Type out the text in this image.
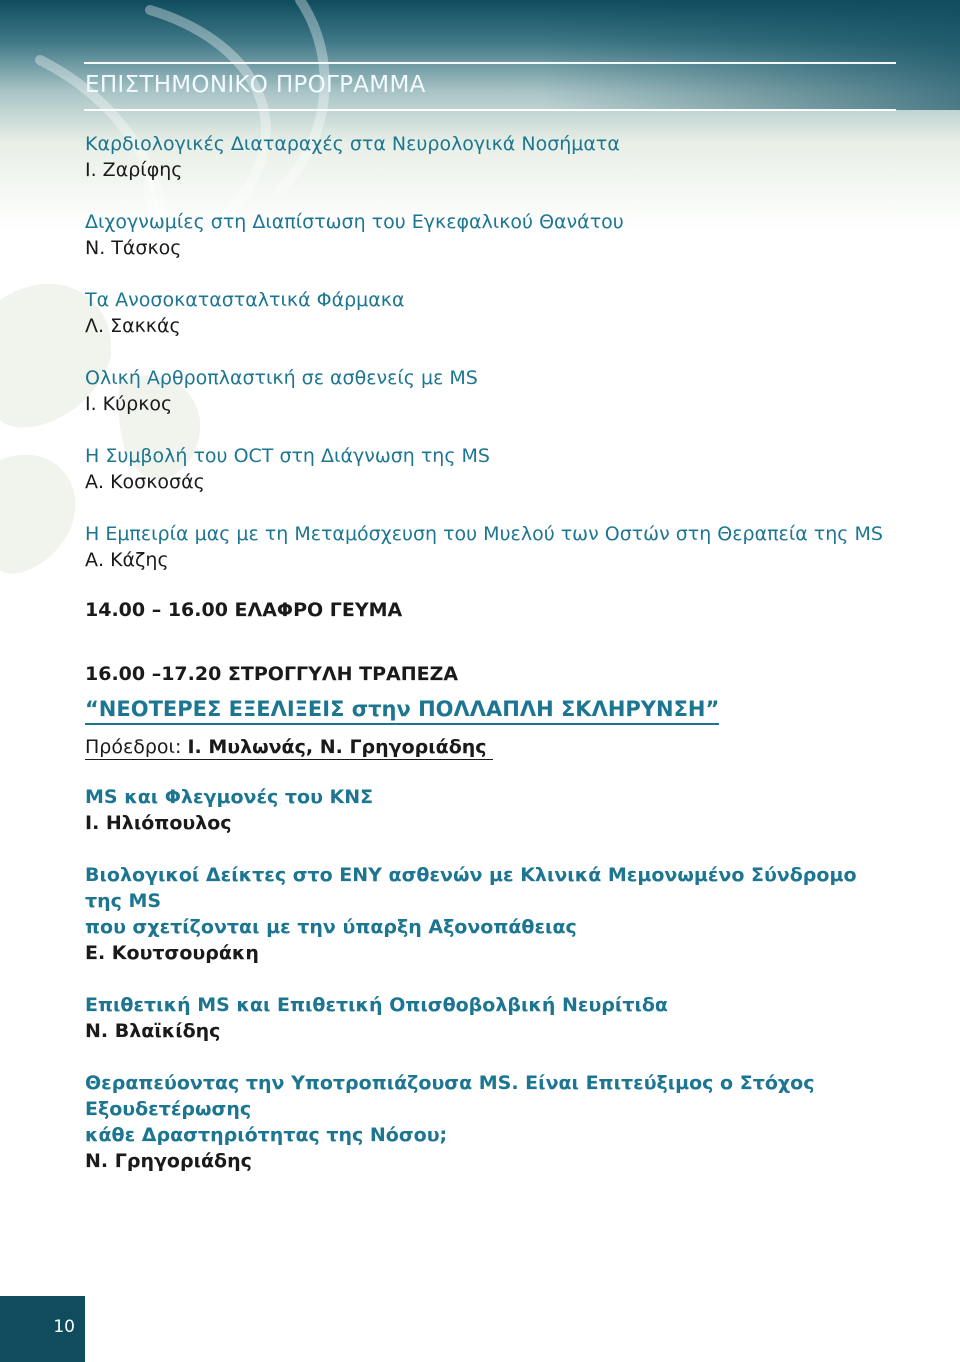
ΕΠΙΣΤΗΜΟΝΙΚΟ ΠΡΟΓΡΑΜΜΑ
Καρδιολογικές Διαταραχές στα Νευρολογικά Νοσήματα
Ι. Ζαρίφης
Διχογνωμίες στη Διαπίστωση του Εγκεφαλικού Θανάτου
Ν. Τάσκος
Τα Ανοσοκατασταλτικά Φάρμακα
Λ. Σακκάς
Ολική Αρθροπλαστική σε ασθενείς με MS
Ι. Κύρκος
Η Συμβολή του OCT στη Διάγνωση της MS
Α. Κοσκοσάς
Η Εμπειρία μας με τη Μεταμόσχευση του Μυελού των Οστών στη Θεραπεία της MS
Α. Κάζης
14.00 – 16.00 ΕΛΑΦΡΟ ΓΕΥΜΑ
16.00 –17.20 ΣΤΡΟΓΓΥΛΗ ΤΡΑΠΕΖΑ
“ΝΕΟΤΕΡΕΣ ΕΞΕΛΙΞΕΙΣ στην ΠΟΛΛΑΠΛΗ ΣΚΛΗΡΥΝΣΗ”
Πρόεδροι: Ι. Μυλωνάς, Ν. Γρηγοριάδης
MS και Φλεγμονές του ΚΝΣ
Ι. Ηλιόπουλος
Βιολογικοί Δείκτες στο ΕΝΥ ασθενών με Κλινικά Μεμονωμένο Σύνδρομο της MS
που σχετίζονται με την ύπαρξη Αξονοπάθειας
Ε. Κουτσουράκη
Επιθετική MS και Επιθετική Οπισθοβολβική Νευρίτιδα
Ν. Βλαϊκίδης
Θεραπεύοντας την Υποτροπιάζουσα MS. Είναι Επιτεύξιμος ο Στόχος Εξουδετέρωσης
κάθε Δραστηριότητας της Νόσου;
Ν. Γρηγοριάδης
10
